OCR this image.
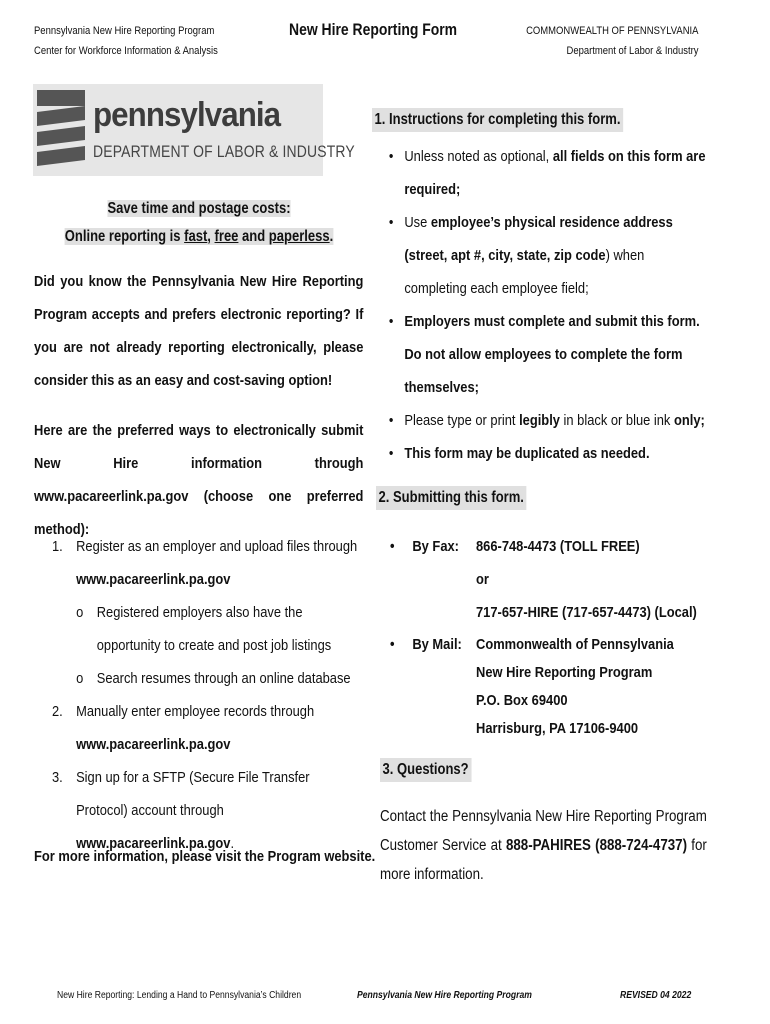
Pennsylvania New Hire Reporting Program
Center for Workforce Information & Analysis
New Hire Reporting Form	COMMONWEALTH OF PENNSYLVANIA
Department of Labor & Industry
pennsylvania
DEPARTMENT OF LABOR & INDUSTRY
Save time and postage costs:
Online reporting is fast, free and paperless.
Did you know the Pennsylvania New Hire Reporting Program accepts and prefers electronic reporting? If you are not already reporting electronically, please consider this as an easy and cost-saving option!
Here are the preferred ways to electronically submit New Hire information through www.pacareerlink.pa.gov (choose one preferred method):
1. Register as an employer and upload files through
www.pacareerlink.pa.gov
o Registered employers also have the opportunity to create and post job listings
o Search resumes through an online database
2. Manually enter employee records through
www.pacareerlink.pa.gov
3. Sign up for a SFTP (Secure File Transfer Protocol) account through www.pacareerlink.pa.gov.
For more information, please visit the Program website.
1. Instructions for completing this form.
• Unless noted as optional, all fields on this form are required;
• Use employee’s physical residence address (street, apt #, city, state, zip code) when completing each employee field;
• Employers must complete and submit this form.
Do not allow employees to complete the form themselves;
• Please type or print legibly in black or blue ink only;
• This form may be duplicated as needed.
2. Submitting this form.
• By Fax: 866-748-4473 (TOLL FREE)
or
717-657-HIRE (717-657-4473) (Local)
• By Mail: Commonwealth of Pennsylvania
New Hire Reporting Program
P.O. Box 69400
Harrisburg, PA 17106-9400
3. Questions?
Contact the Pennsylvania New Hire Reporting Program Customer Service at 888-PAHIRES (888-724-4737) for more information.
New Hire Reporting: Lending a Hand to Pennsylvania’s Children	Pennsylvania New Hire Reporting Program	REVISED 04 2022
